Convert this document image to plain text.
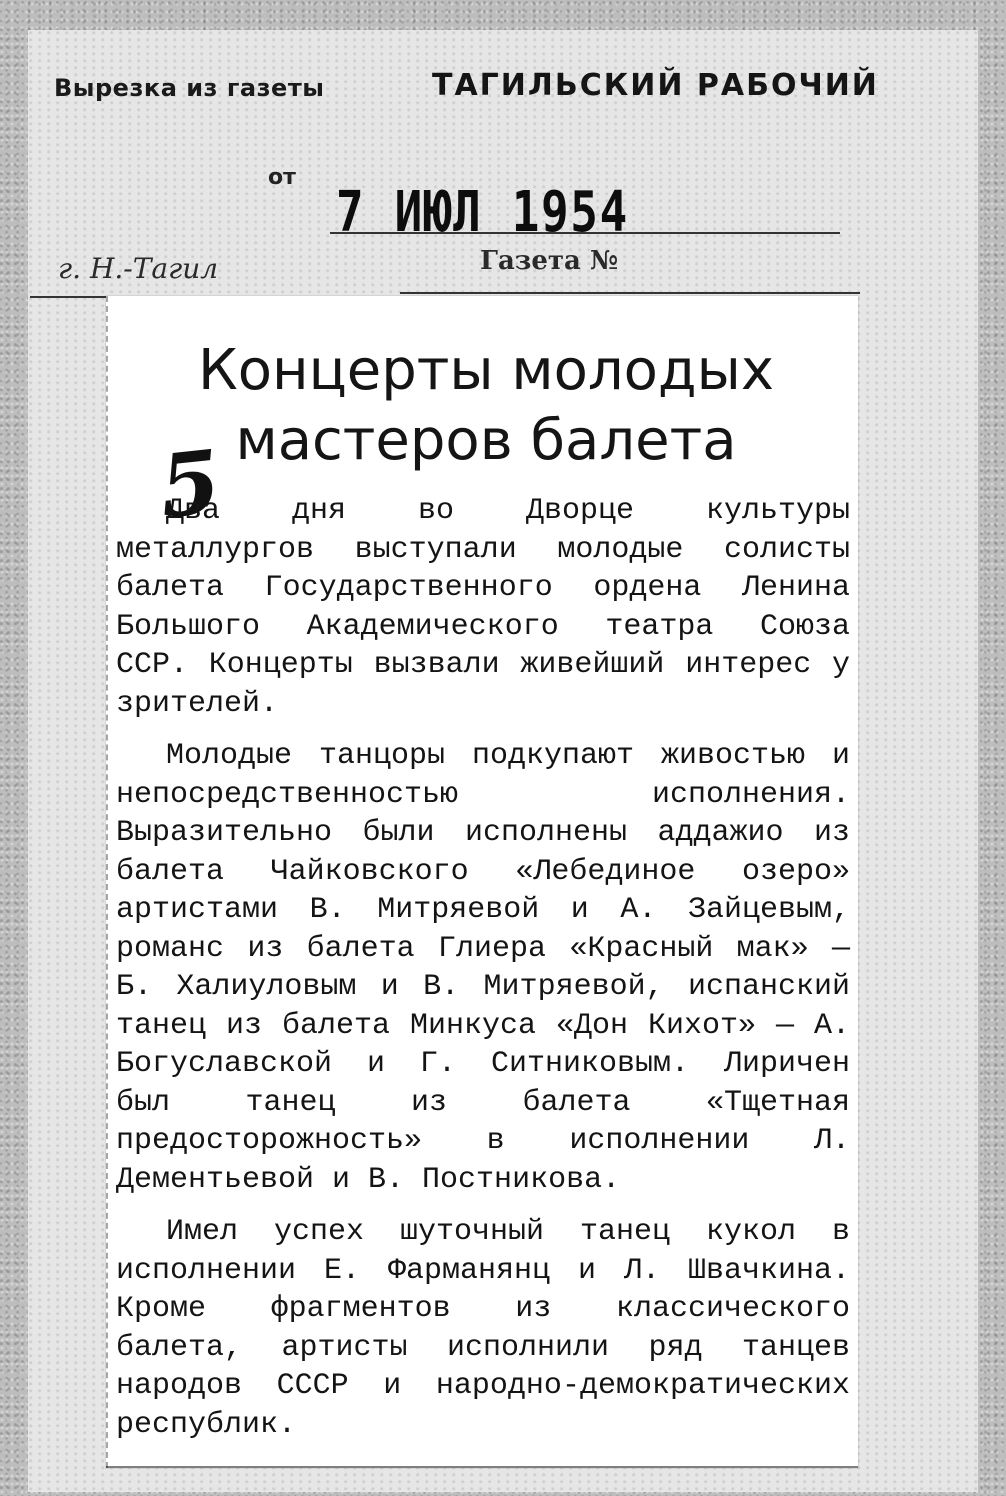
Вырезка из газеты	ТАГИЛЬСКИЙ РАБОЧИЙ
от
7 ИЮЛ 1954
г. Н.-Тагил	Газета №
Концерты молодых
мастеров балета
5

Два дня во Дворце культуры металлургов выступали молодые солисты балета Государственного ордена Ленина Большого Академического театра Союза ССР. Концерты вызвали живейший интерес у зрителей.

Молодые танцоры подкупают живостью и непосредственностью исполнения. Выразительно были исполнены аддажио из балета Чайковского «Лебединое озеро» артистами В. Митряевой и А. Зайцевым, романс из балета Глиера «Красный мак» —Б. Халиуловым и В. Митряевой, испанский танец из балета Минкуса «Дон Кихот» — А. Богуславской и Г. Ситниковым. Лиричен был танец из балета «Тщетная предосторожность» в исполнении Л. Дементьевой и В. Постникова.

Имел успех шуточный танец кукол в исполнении Е. Фарманянц и Л. Швачкина. Кроме фрагментов из классического балета, артисты исполнили ряд танцев народов СССР и народно-демократических республик.
